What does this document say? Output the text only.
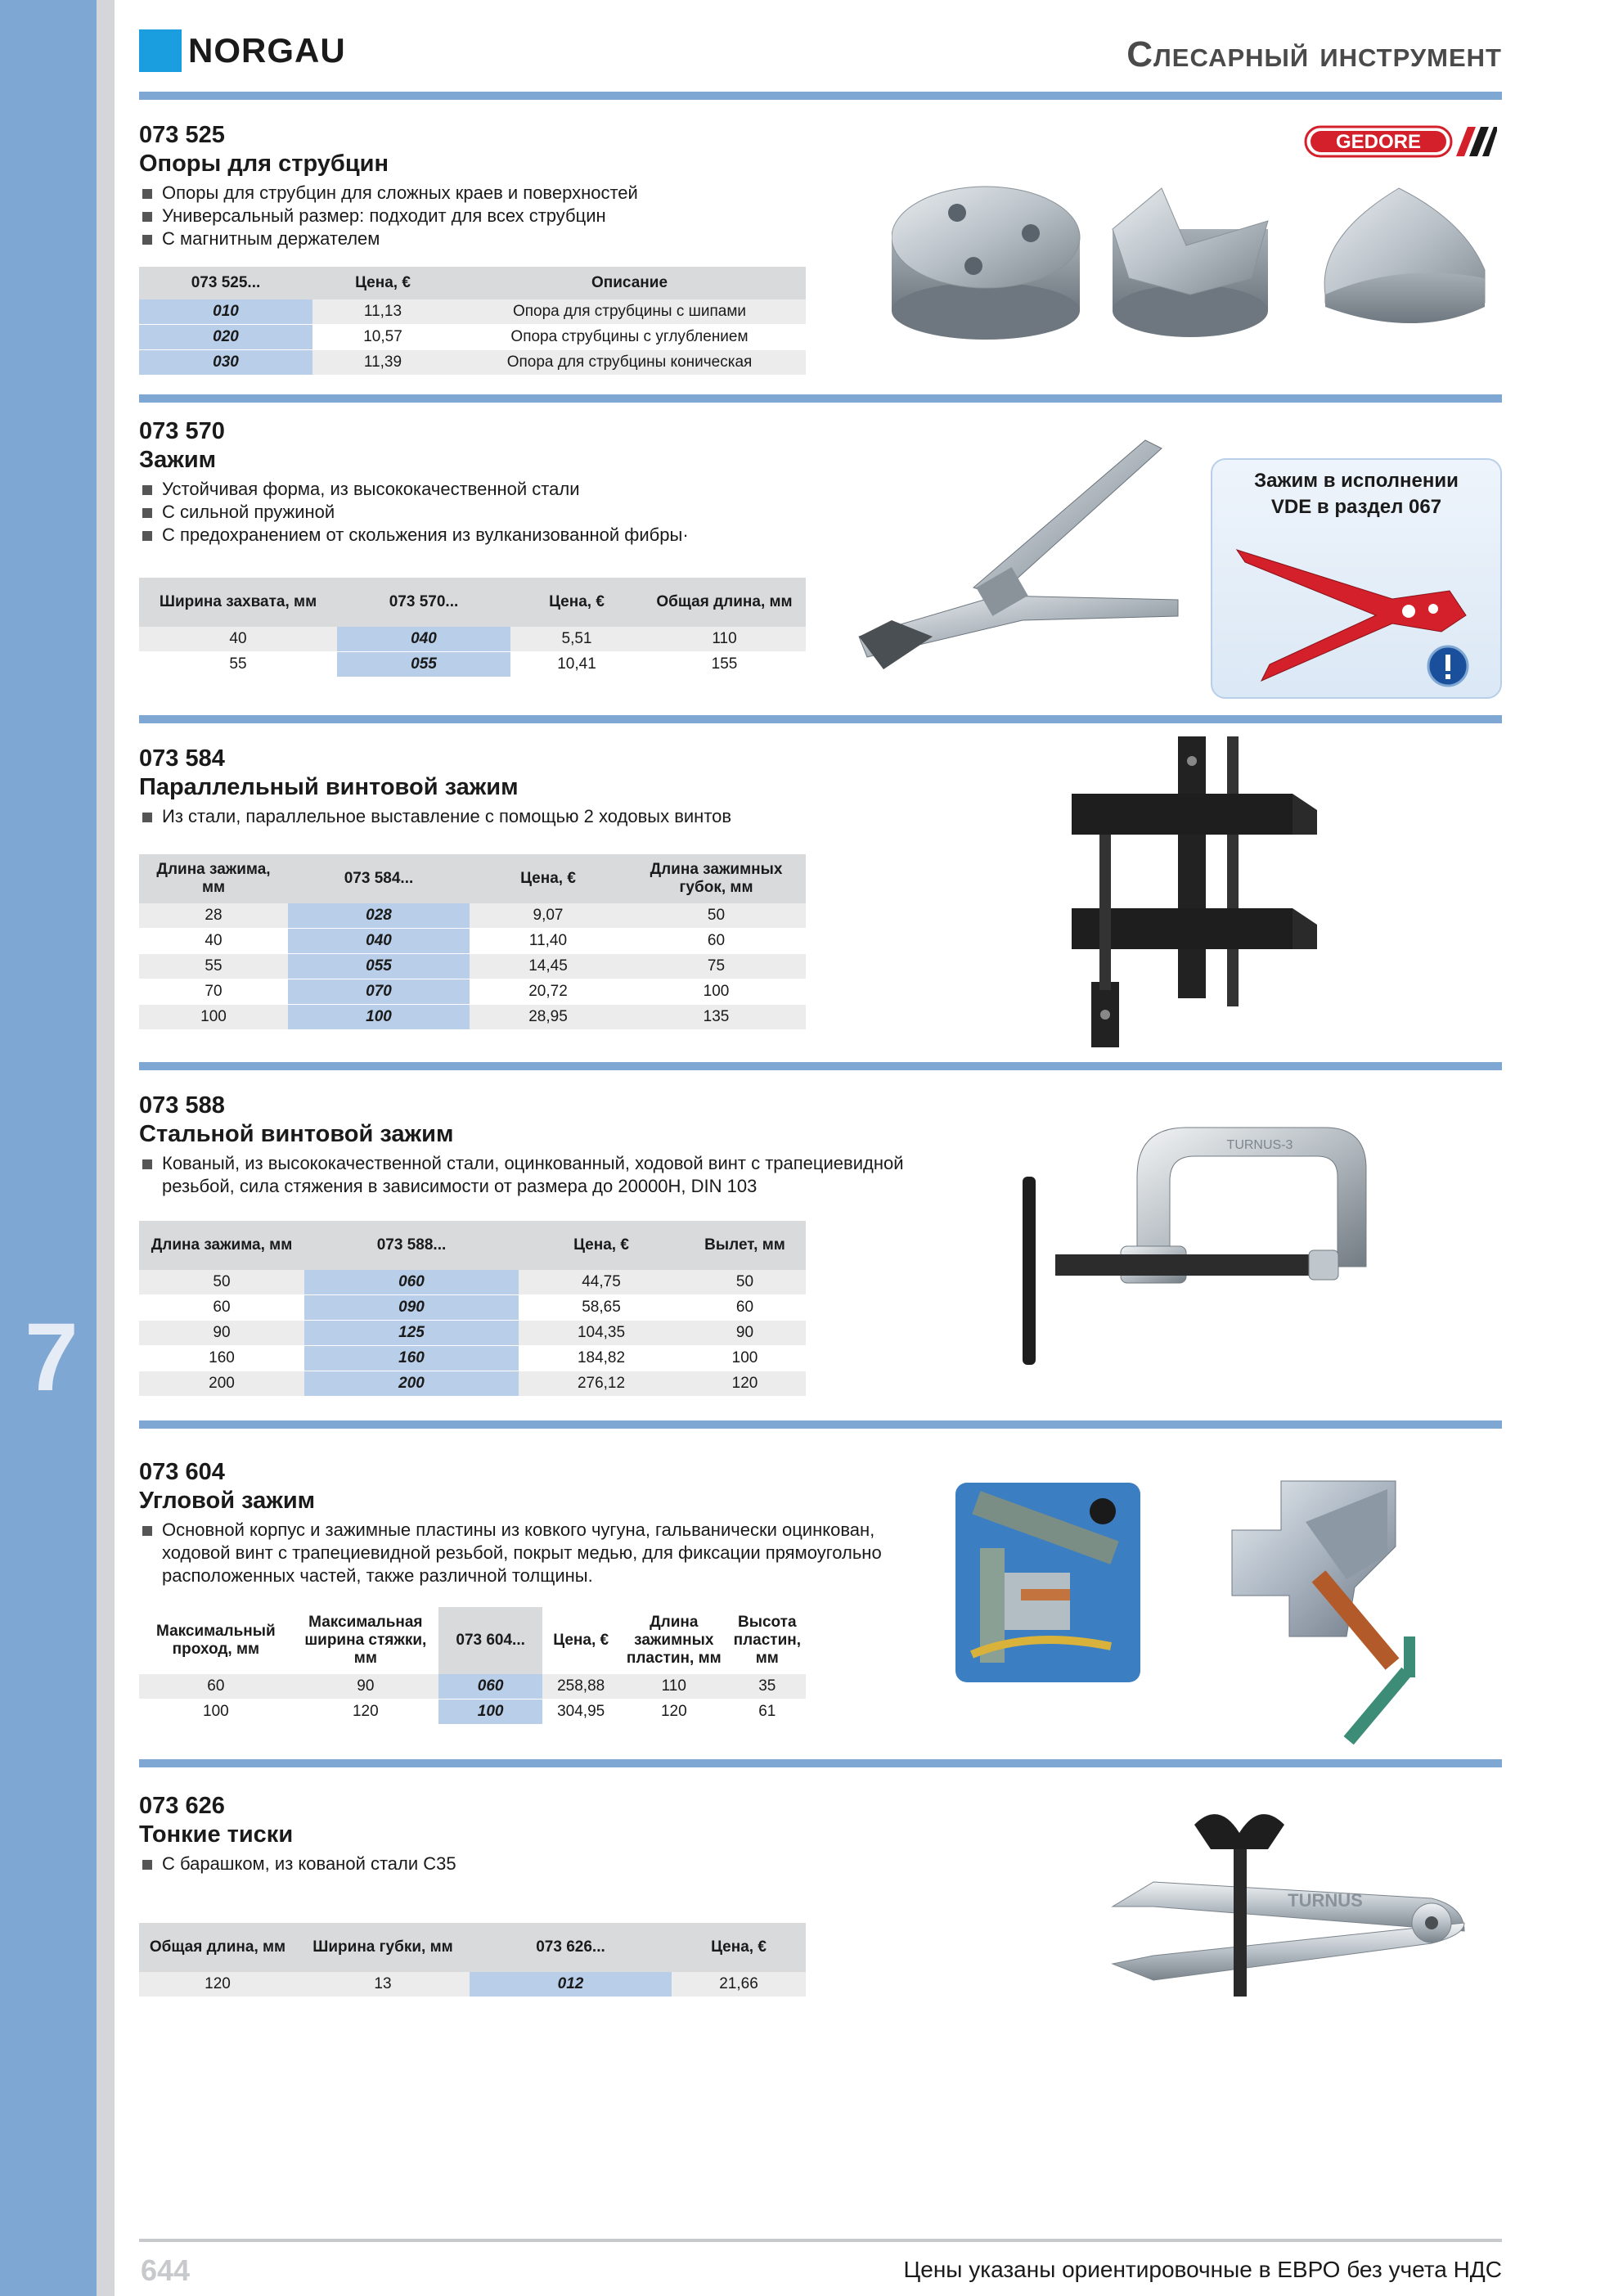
7
NORGAU	Слесарный инструмент
GEDORE
073 525
Опоры для струбцин
Опоры для струбцин для сложных краев и поверхностей
Универсальный размер: подходит для всех струбцин
С магнитным держателем
073 525...	Цена, €	Описание
010	11,13	Опора для струбцины с шипами
020	10,57	Опора струбцины с углублением
030	11,39	Опора для струбцины коническая
073 570
Зажим
Устойчивая форма, из высококачественной стали
С сильной пружиной
С предохранением от скольжения из вулканизованной фибры·
Ширина захвата, мм	073 570...	Цена, €	Общая длина, мм
40	040	5,51	110
55	055	10,41	155
Зажим в исполнении
VDE в раздел 067
073 584
Параллельный винтовой зажим
Из стали, параллельное выставление с помощью 2 ходовых винтов
Длина зажима, мм	073 584...	Цена, €	Длина зажимных губок, мм
28	028	9,07	50
40	040	11,40	60
55	055	14,45	75
70	070	20,72	100
100	100	28,95	135
073 588
Стальной винтовой зажим
Кованый, из высококачественной стали, оцинкованный, ходовой винт с трапециевидной резьбой, сила стяжения в зависимости от размера до 20000Н, DIN 103
Длина зажима, мм	073 588...	Цена, €	Вылет, мм
50	060	44,75	50
60	090	58,65	60
90	125	104,35	90
160	160	184,82	100
200	200	276,12	120
TURNUS-3
073 604
Угловой зажим
Основной корпус и зажимные пластины из ковкого чугуна, гальванически оцинкован, ходовой винт с трапециевидной резьбой, покрыт медью, для фиксации прямоугольно расположенных частей, также различной толщины.
Максимальный проход, мм	Максимальная ширина стяжки, мм	073 604...	Цена, €	Длина зажимных пластин, мм	Высота пластин, мм
60	90	060	258,88	110	35
100	120	100	304,95	120	61
073 626
Тонкие тиски
С барашком, из кованой стали С35
Общая длина, мм	Ширина губки, мм	073 626...	Цена, €
120	13	012	21,66
TURNUS
644	Цены указаны ориентировочные в ЕВРО без учета НДС
